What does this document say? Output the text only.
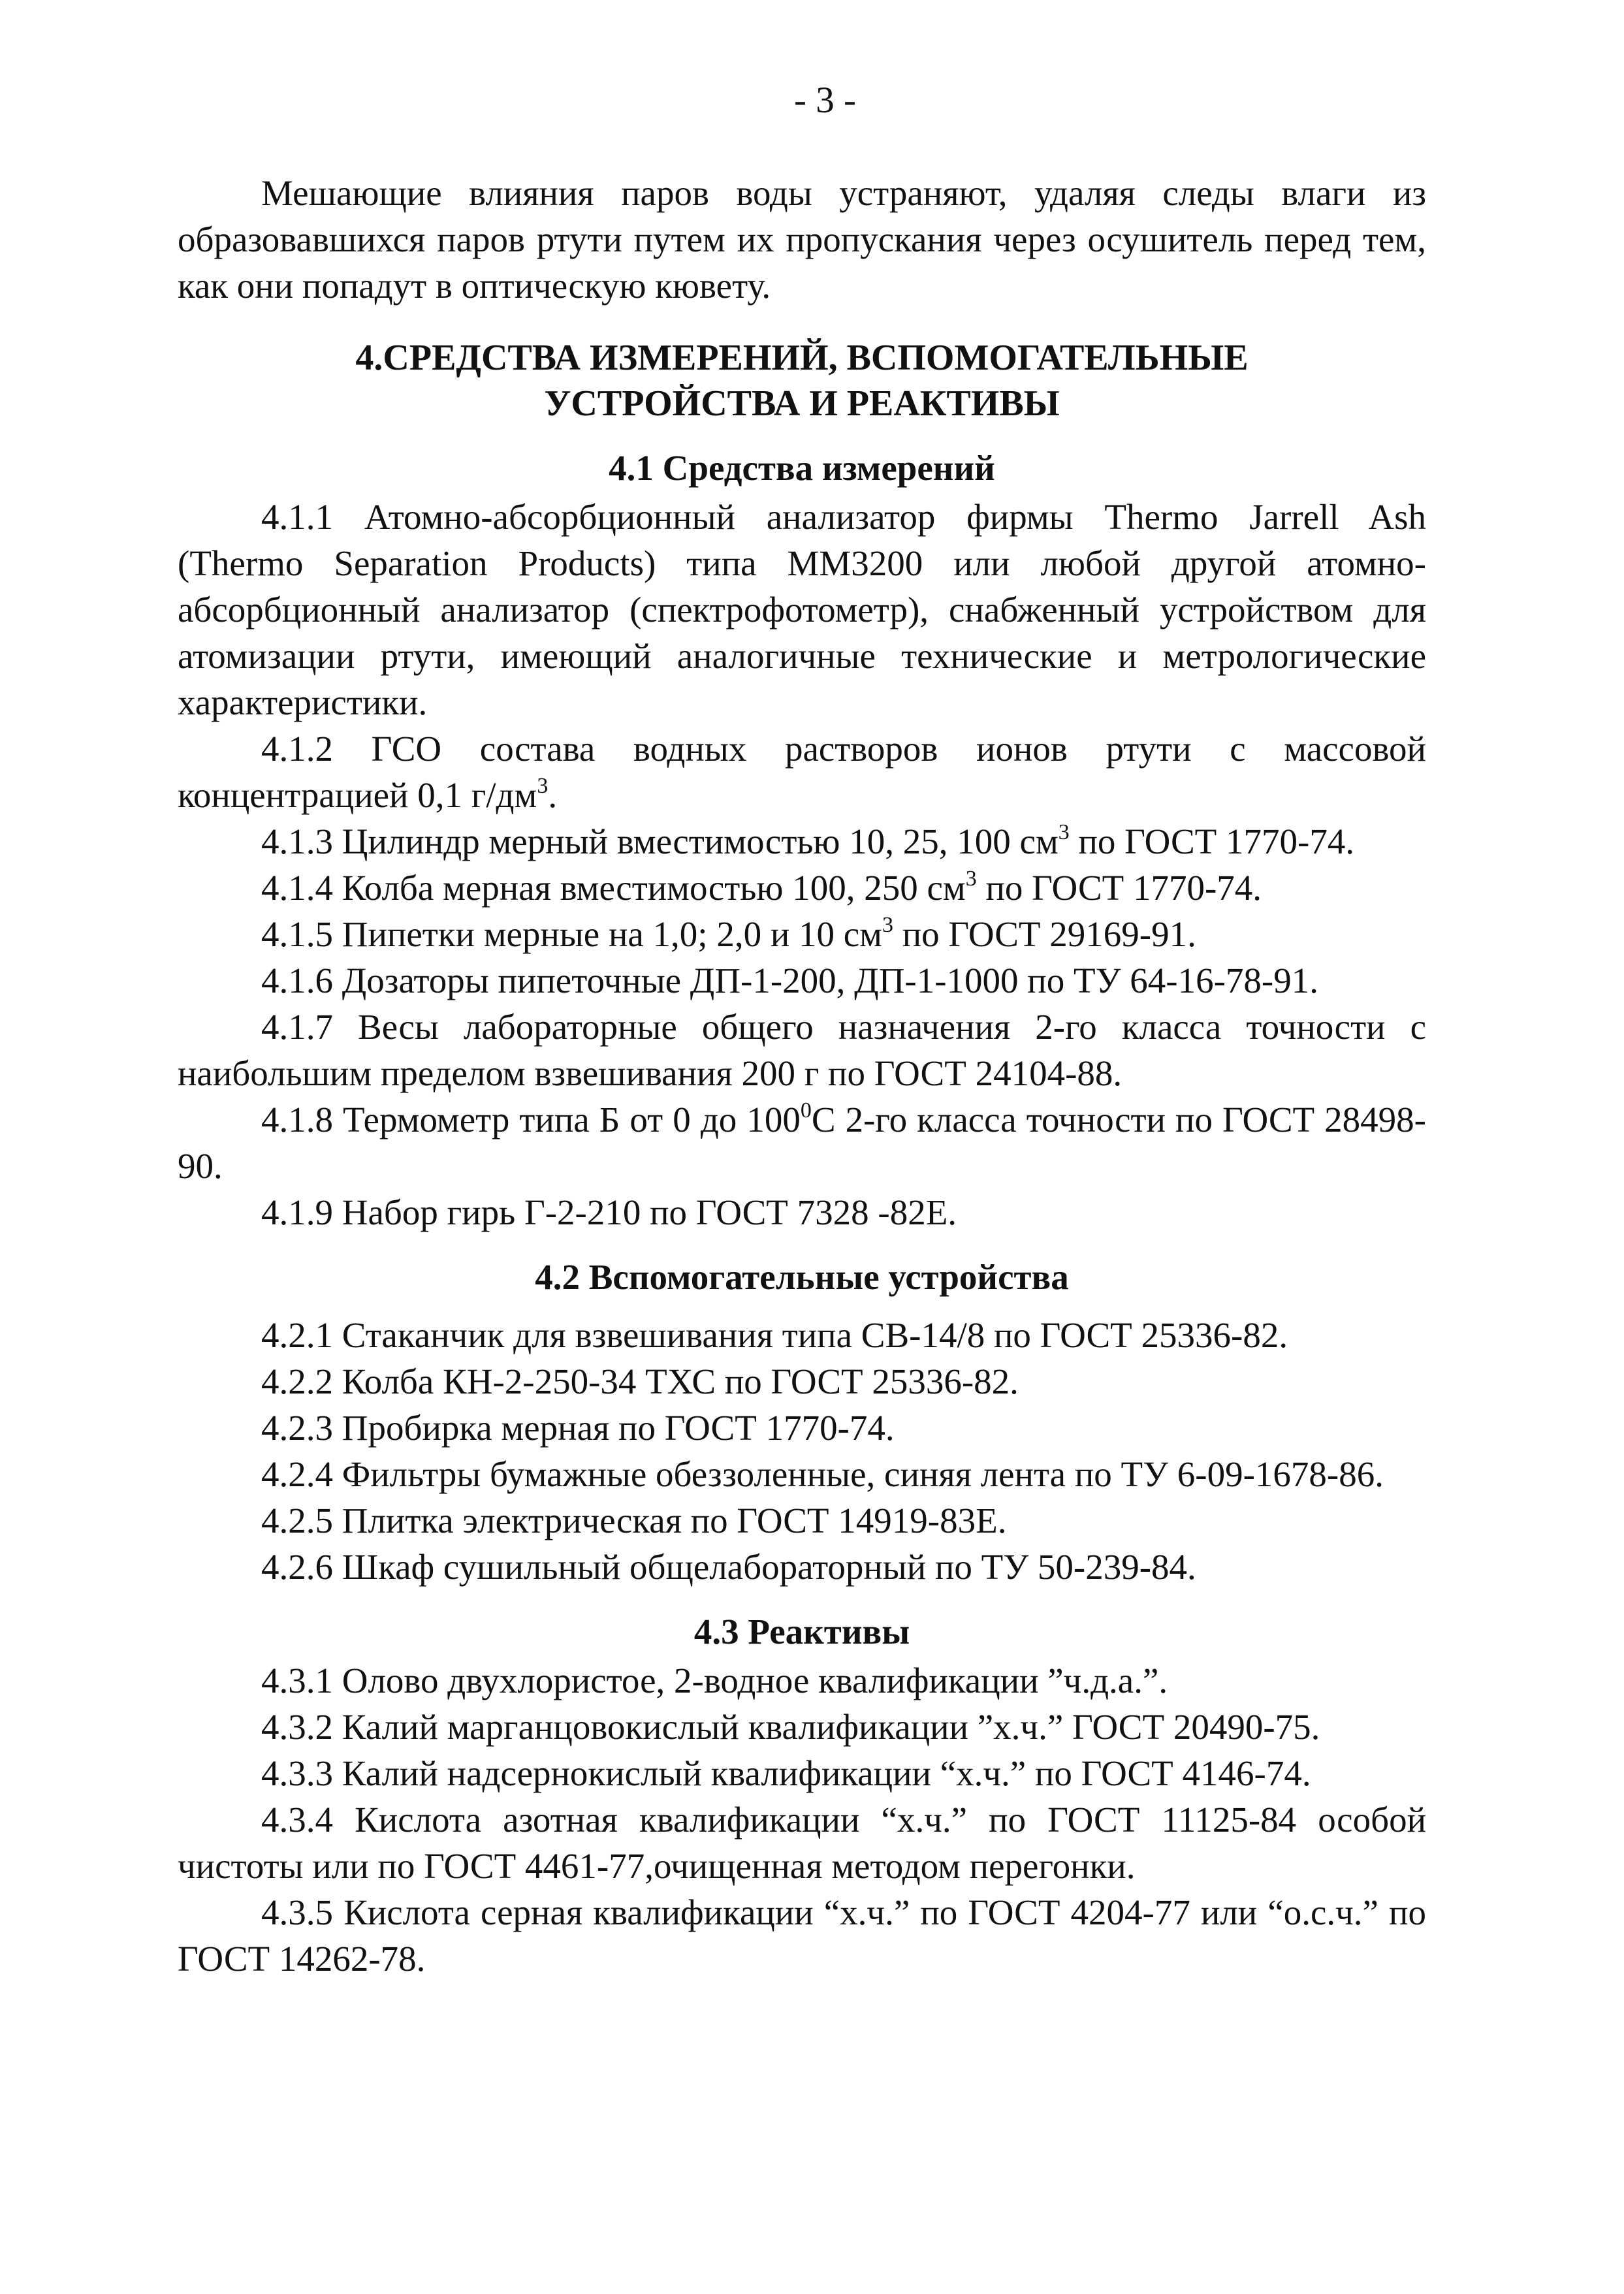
- 3 -

Мешающие влияния паров воды устраняют, удаляя следы влаги из образовавшихся паров ртути путем их пропускания через осушитель перед тем, как они попадут в оптическую кювету.

4.СРЕДСТВА ИЗМЕРЕНИЙ, ВСПОМОГАТЕЛЬНЫЕ
УСТРОЙСТВА И РЕАКТИВЫ
4.1 Средства измерений

4.1.1 Атомно-абсорбционный анализатор фирмы Thermo Jarrell Ash (Thermo Separation Products) типа ММ3200 или любой другой атомно-абсорбционный анализатор (спектрофотометр), снабженный устройством для атомизации ртути, имеющий аналогичные технические и метрологические характеристики.

4.1.2 ГСО состава водных растворов ионов ртути с массовой концентрацией 0,1 $г/дм^3$.

4.1.3 Цилиндр мерный вместимостью 10, 25, 100 $см^3$ по ГОСТ 1770-74.

4.1.4 Колба мерная вместимостью 100, 250 $см^3$ по ГОСТ 1770-74.

4.1.5 Пипетки мерные на 1,0; 2,0 и 10 $см^3$ по ГОСТ 29169-91.

4.1.6 Дозаторы пипеточные ДП-1-200, ДП-1-1000 по ТУ 64-16-78-91.

4.1.7 Весы лабораторные общего назначения 2-го класса точности с наибольшим пределом взвешивания 200 г по ГОСТ 24104-88.

4.1.8 Термометр типа Б от 0 до $100^0С$ 2-го класса точности по ГОСТ 28498-90.

4.1.9 Набор гирь Г-2-210 по ГОСТ 7328 -82Е.

4.2 Вспомогательные устройства

4.2.1 Стаканчик для взвешивания типа СВ-14/8 по ГОСТ 25336-82.

4.2.2 Колба КН-2-250-34 ТХС по ГОСТ 25336-82.

4.2.3 Пробирка мерная по ГОСТ 1770-74.

4.2.4 Фильтры бумажные обеззоленные, синяя лента по ТУ 6-09-1678-86.

4.2.5 Плитка электрическая по ГОСТ 14919-83Е.

4.2.6 Шкаф сушильный общелабораторный по ТУ 50-239-84.

4.3 Реактивы

4.3.1 Олово двухлористое, 2-водное квалификации ”ч.д.а.”.

4.3.2 Калий марганцовокислый квалификации ”х.ч.” ГОСТ 20490-75.

4.3.3 Калий надсернокислый квалификации “х.ч.” по ГОСТ 4146-74.

4.3.4 Кислота азотная квалификации “х.ч.” по ГОСТ 11125-84 особой чистоты или по ГОСТ 4461-77,очищенная методом перегонки.

4.3.5 Кислота серная квалификации “х.ч.” по ГОСТ 4204-77 или “о.с.ч.” по ГОСТ 14262-78.
